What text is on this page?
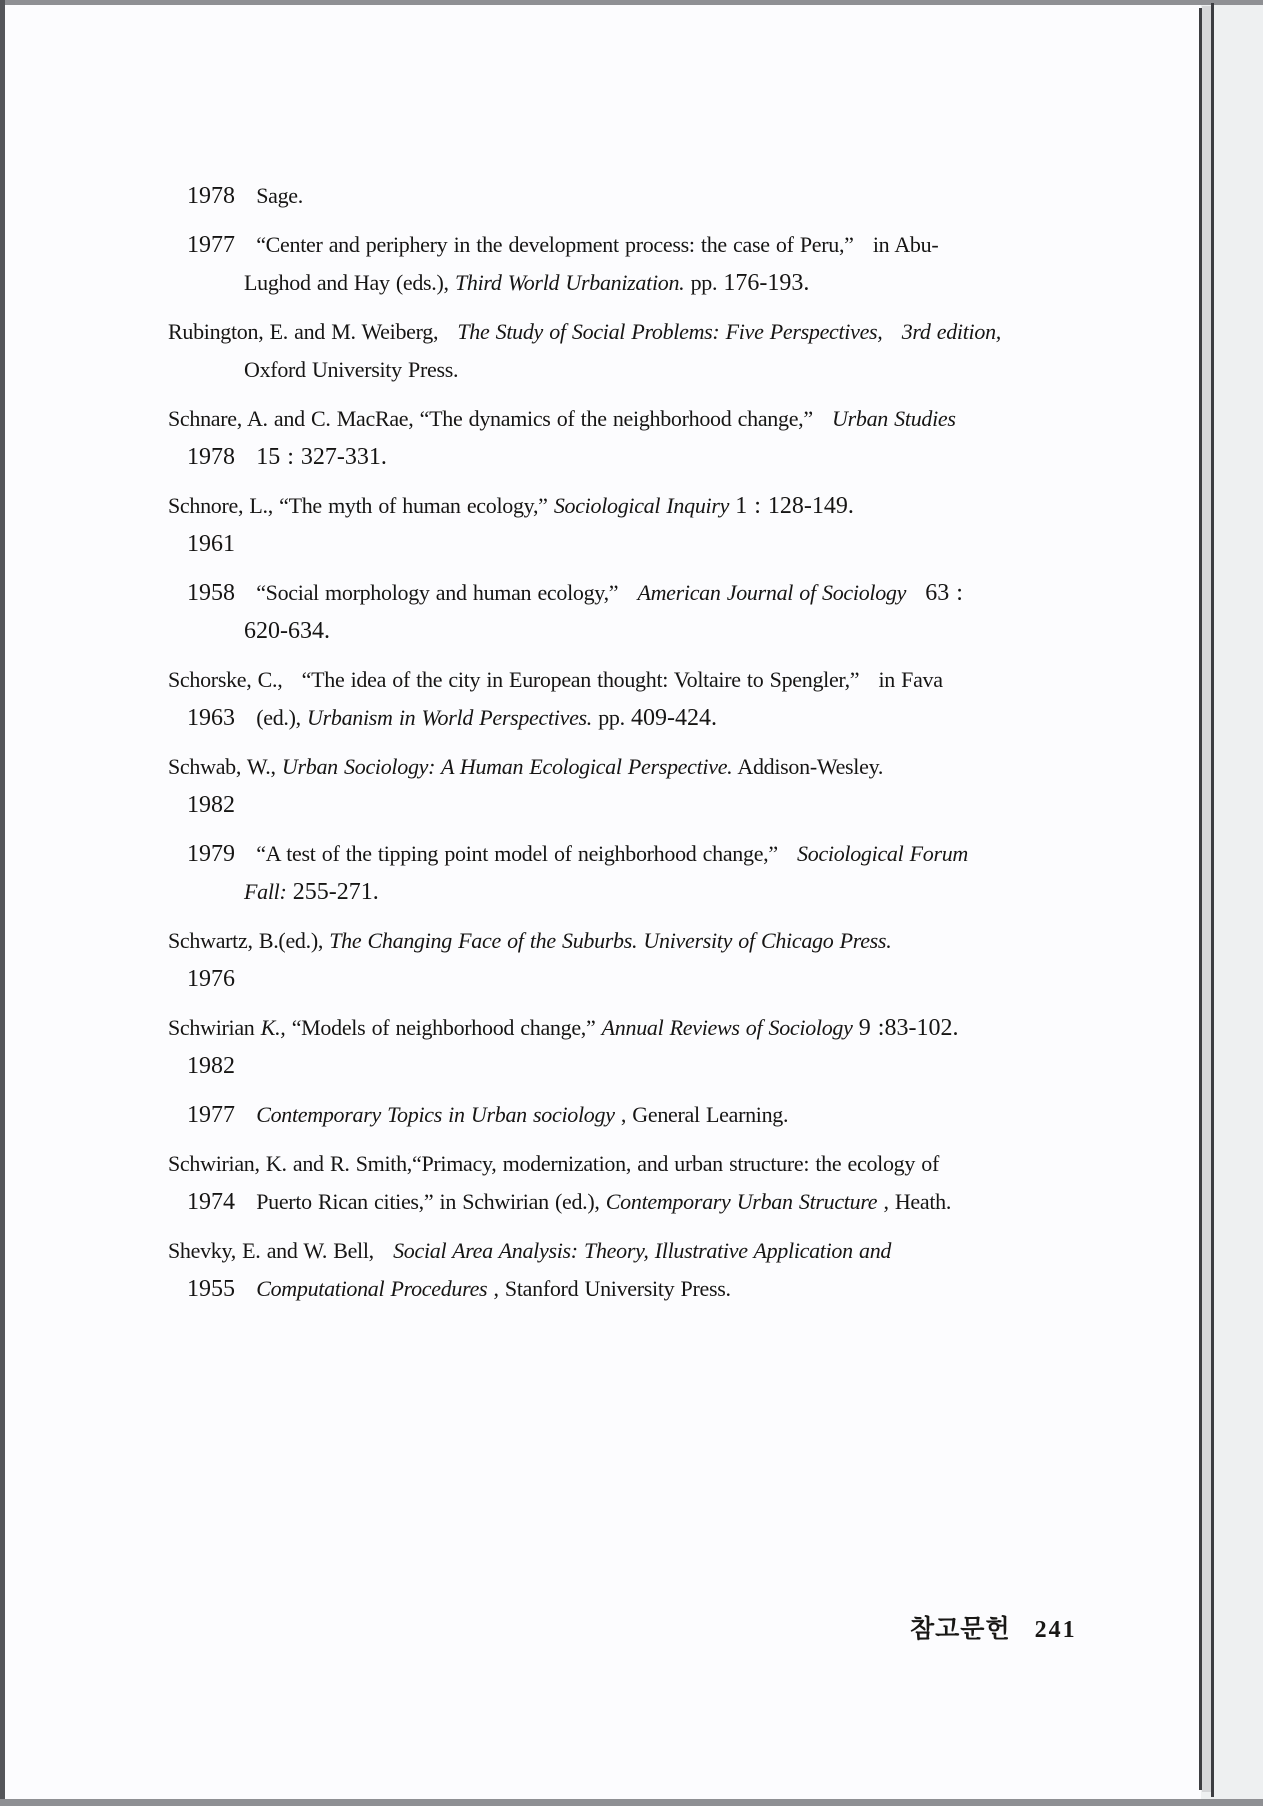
1978 Sage.
1977 “Center and periphery in the development process: the case of Peru,” in Abu-
Lughod and Hay (eds.), Third World Urbanization. pp. 176-193.
Rubington, E. and M. Weiberg, The Study of Social Problems: Five Perspectives, 3rd edition,
Oxford University Press.
Schnare, A. and C. MacRae, “The dynamics of the neighborhood change,” Urban Studies
1978 15 : 327-331.
Schnore, L., “The myth of human ecology,” Sociological Inquiry 1 : 128-149.
1961
1958 “Social morphology and human ecology,” American Journal of Sociology 63 :
620-634.
Schorske, C., “The idea of the city in European thought: Voltaire to Spengler,” in Fava
1963 (ed.), Urbanism in World Perspectives. pp. 409-424.
Schwab, W., Urban Sociology: A Human Ecological Perspective. Addison-Wesley.
1982
1979 “A test of the tipping point model of neighborhood change,” Sociological Forum
Fall: 255-271.
Schwartz, B.(ed.), The Changing Face of the Suburbs. University of Chicago Press.
1976
Schwirian K., “Models of neighborhood change,” Annual Reviews of Sociology 9 :83-102.
1982
1977 Contemporary Topics in Urban sociology , General Learning.
Schwirian, K. and R. Smith,“Primacy, modernization, and urban structure: the ecology of
1974 Puerto Rican cities,” in Schwirian (ed.), Contemporary Urban Structure , Heath.
Shevky, E. and W. Bell, Social Area Analysis: Theory, Illustrative Application and
1955 Computational Procedures , Stanford University Press.
참고문헌 241
